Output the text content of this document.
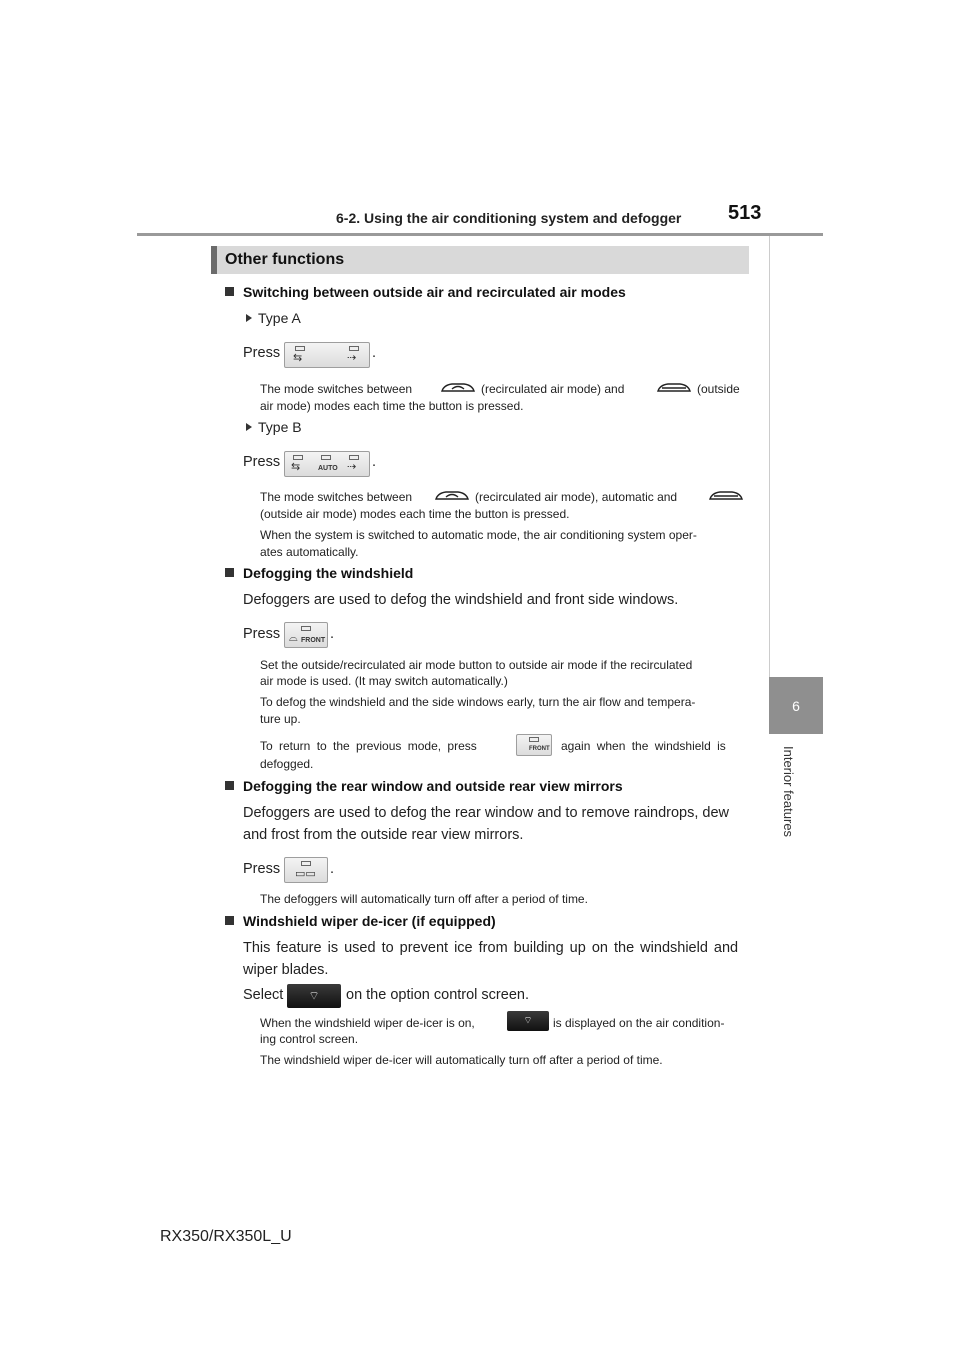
6-2. Using the air conditioning system and defogger 513
6
Interior features
Other functions
Switching between outside air and recirculated air modes
Type A
Press ⇆	⇢ .
The mode switches between	(recirculated air mode) and	(outside
air mode) modes each time the button is pressed.
Type B
Press ⇆	AUTO ⇢ .
The mode switches between	(recirculated air mode), automatic and
(outside air mode) modes each time the button is pressed.
When the system is switched to automatic mode, the air conditioning system oper-
ates automatically.
Defogging the windshield
Defoggers are used to defog the windshield and front side windows.
Press ⌓ FRONT .
Set the outside/recirculated air mode button to outside air mode if the recirculated
air mode is used. (It may switch automatically.)
To defog the windshield and the side windows early, turn the air flow and tempera-
ture up.
To return to the previous mode, press	FRONT again when the windshield is
defogged.
Defogging the rear window and outside rear view mirrors
Defoggers are used to defog the rear window and to remove raindrops, dew
and frost from the outside rear view mirrors.
Press ▭▭ .
The defoggers will automatically turn off after a period of time.
Windshield wiper de-icer (if equipped)
This feature is used to prevent ice from building up on the windshield and
wiper blades.
Select ⌔ on the option control screen.
When the windshield wiper de-icer is on,	⌔ is displayed on the air condition-
ing control screen.
The windshield wiper de-icer will automatically turn off after a period of time.
RX350/RX350L_U
